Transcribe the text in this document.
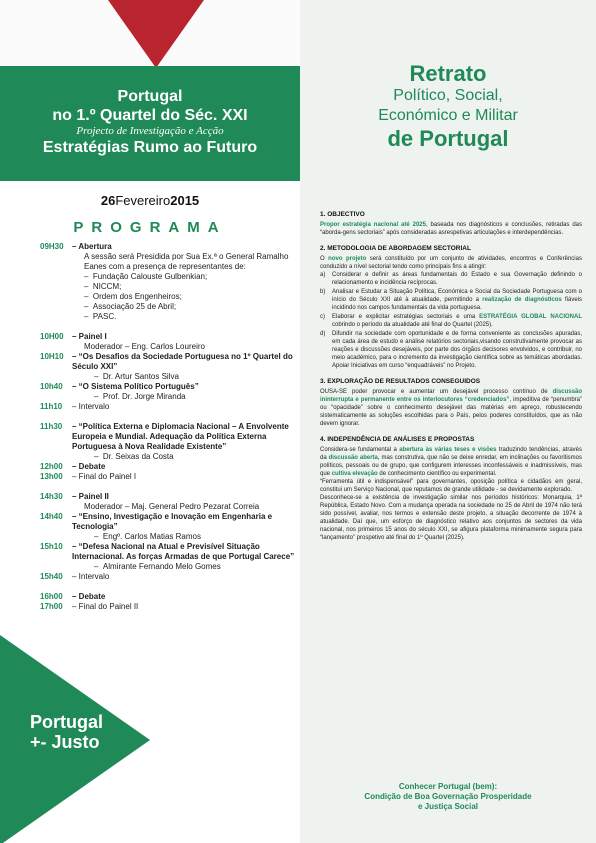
Portugal
no 1.º Quartel do Séc. XXI
Projecto de Investigação e Acção
Estratégias Rumo ao Futuro
26Fevereiro2015
PROGRAMA
09H30	– Abertura
A sessão será Presidida por Sua Ex.ª o General Ramalho Eanes com a presença de representantes de:
–  Fundação Calouste Gulbenkian;
–  NICCM;
–  Ordem dos Engenheiros;
–  Associação 25 de Abril;
–  PASC.
10H00	– Painel I
Moderador – Eng. Carlos Loureiro
10H10	– “Os Desafios da Sociedade Portuguesa no 1º Quartel do Século XXI”
–  Dr. Artur Santos Silva
10h40	– “O Sistema Político Português”
–  Prof. Dr. Jorge Miranda
11h10	– Intervalo
11h30	– “Política Externa e Diplomacia Nacional – A Envolvente Europeia e Mundial. Adequação da Política Externa Portuguesa à Nova Realidade Existente”
–  Dr. Seixas da Costa
12h00	– Debate
13h00	– Final do Painel I
14h30	– Painel II
Moderador – Maj. General Pedro Pezarat Correia
14h40	– “Ensino, Investigação e Inovação em Engenharia e Tecnologia”
–  Engº. Carlos Matias Ramos
15h10	– “Defesa Nacional na Atual e Previsível Situação Internacional. As forças Armadas de que Portugal Carece”
–  Almirante Fernando Melo Gomes
15h40	– Intervalo
16h00	– Debate
17h00	– Final do Painel II
Portugal
+- Justo
Retrato
Político, Social,
Económico e Militar
de Portugal
1. OBJECTIVO
Propor estratégia nacional até 2025, baseada nos diagnósticos e conclusões, retiradas das “aborda-gens sectoriais” após consideradas asrespetivas articulações e interdependências.
2. METODOLOGIA DE ABORDAGEM SECTORIAL
O novo projeto será constituído por um conjunto de atividades, encontros e Conferências conduzido a nível sectorial tendo como principais fins a atingir:
a)	Considerar e definir as áreas fundamentais do Estado e sua Governação definindo o relacionamento e incidência recíprocas.
b)	Analisar e Estudar a Situação Política, Económica e Social da Sociedade Portuguesa com o início do Século XXI até à atualidade, permitindo a realização de diagnósticos fiáveis incidindo nos campos fundamentais da vida portuguesa.
c)	Elaborar e explicitar estratégias sectoriais e uma ESTRATÉGIA GLOBAL NACIONAL cobrindo o período da atualidade até final do Quartel (2025).
d)	Difundir na sociedade com oportunidade e de forma conveniente as conclusões apuradas, em cada área de estudo e análise relatórios sectoriais,visando construtivamente provocar as reações e discussões desejáveis, por parte dos órgãos decisores envolvidos, e contribuir, no meio académico, para o incremento da investigação científica sobre as temáticas abordadas. Apoiar Iniciativas em curso “enquadráveis” no Projeto.
3. EXPLORAÇÃO DE RESULTADOS CONSEGUIDOS
OUSA-SE poder provocar e aumentar um desejável processo contínuo de discussão ininterrupta e permanente entre os interlocutores “credenciados”, impeditiva de “penumbra” ou “opacidade” sobre o conhecimento desejável das matérias em apreço, robustecendo sistematicamente as soluções escolhidas para o País, pelos poderes constituídos, que as não devem ignorar.
4. INDEPENDÊNCIA DE ANÁLISES E PROPOSTAS
Considera-se fundamental a abertura às várias teses e visões traduzindo tendências, através da discussão aberta, mas construtiva, que não se deixe enredar, em inclinações ou favoritismos políticos, pessoais ou de grupo, que configurem interesses inconfessáveis e inadmissíveis, mas que cultiva elevação de conhecimento científico ou experimental.
“Ferramenta útil e indispensável” para governantes, oposição política e cidadãos em geral, constitui um Serviço Nacional, que reputamos de grande utilidade - se devidamente explorado.
Desconhece-se a existência de investigação similar nos períodos históricos: Monarquia, 1ª República, Estado Novo. Com a mudança operada na sociedade no 25 de Abril de 1974 não terá sido possível, avaliar, nos termos e extensão deste projeto, a situação decorrente de 1974 à atualidade. Daí que, um esforço de diagnóstico relativo aos conjuntos de sectores da vida nacional, nos primeiros 15 anos do século XXI, se afigura plataforma minimamente segura para “lançamento” prospetivo até final do 1º Quartel (2025).
Conhecer Portugal (bem):
Condição de Boa Governação Prosperidade
e Justiça Social
